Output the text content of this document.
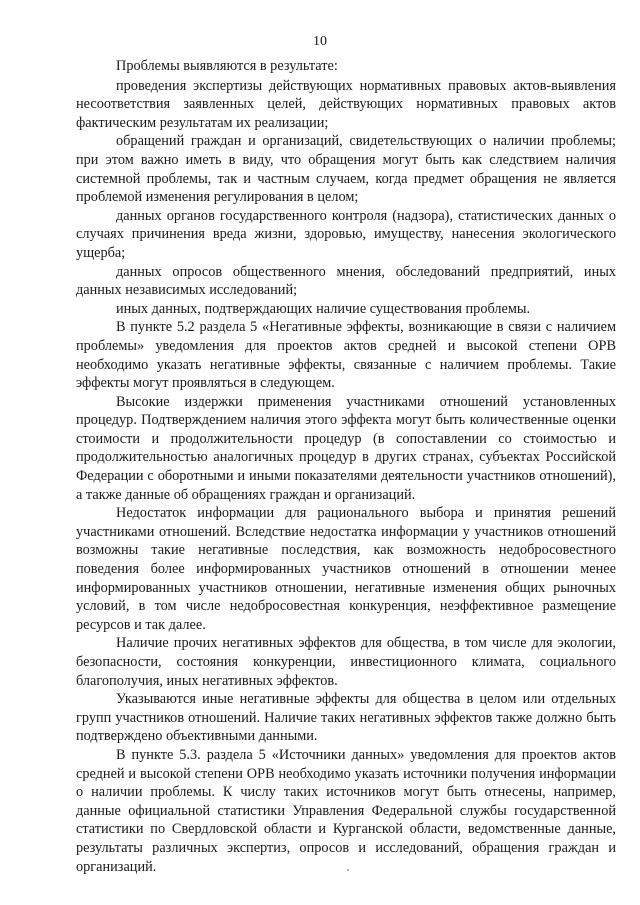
10

Проблемы выявляются в результате:

проведения экспертизы действующих нормативных правовых актов-выявления несоответствия заявленных целей, действующих нормативных правовых актов фактическим результатам их реализации;

обращений граждан и организаций, свидетельствующих о наличии проблемы; при этом важно иметь в виду, что обращения могут быть как следствием наличия системной проблемы, так и частным случаем, когда предмет обращения не является проблемой изменения регулирования в целом;

данных органов государственного контроля (надзора), статистических данных о случаях причинения вреда жизни, здоровью, имуществу, нанесения экологического ущерба;

данных опросов общественного мнения, обследований предприятий, иных данных независимых исследований;

иных данных, подтверждающих наличие существования проблемы.

В пункте 5.2 раздела 5 «Негативные эффекты, возникающие в связи с наличием проблемы» уведомления для проектов актов средней и высокой степени ОРВ необходимо указать негативные эффекты, связанные с наличием проблемы. Такие эффекты могут проявляться в следующем.

Высокие издержки применения участниками отношений установленных процедур. Подтверждением наличия этого эффекта могут быть количественные оценки стоимости и продолжительности процедур (в сопоставлении со стоимостью и продолжительностью аналогичных процедур в других странах, субъектах Российской Федерации с оборотными и иными показателями деятельности участников отношений), а также данные об обращениях граждан и организаций.

Недостаток информации для рационального выбора и принятия решений участниками отношений. Вследствие недостатка информации у участников отношений возможны такие негативные последствия, как возможность недобросовестного поведения более информированных участников отношений в отношении менее информированных участников отношении, негативные изменения общих рыночных условий, в том числе недобросовестная конкуренция, неэффективное размещение ресурсов и так далее.

Наличие прочих негативных эффектов для общества, в том числе для экологии, безопасности, состояния конкуренции, инвестиционного климата, социального благополучия, иных негативных эффектов.

Указываются иные негативные эффекты для общества в целом или отдельных групп участников отношений. Наличие таких негативных эффектов также должно быть подтверждено объективными данными.

В пункте 5.3. раздела 5 «Источники данных» уведомления для проектов актов средней и высокой степени ОРВ необходимо указать источники получения информации о наличии проблемы. К числу таких источников могут быть отнесены, например, данные официальной статистики Управления Федеральной службы государственной статистики по Свердловской области и Курганской области, ведомственные данные, результаты различных экспертиз, опросов и исследований, обращения граждан и организаций.
